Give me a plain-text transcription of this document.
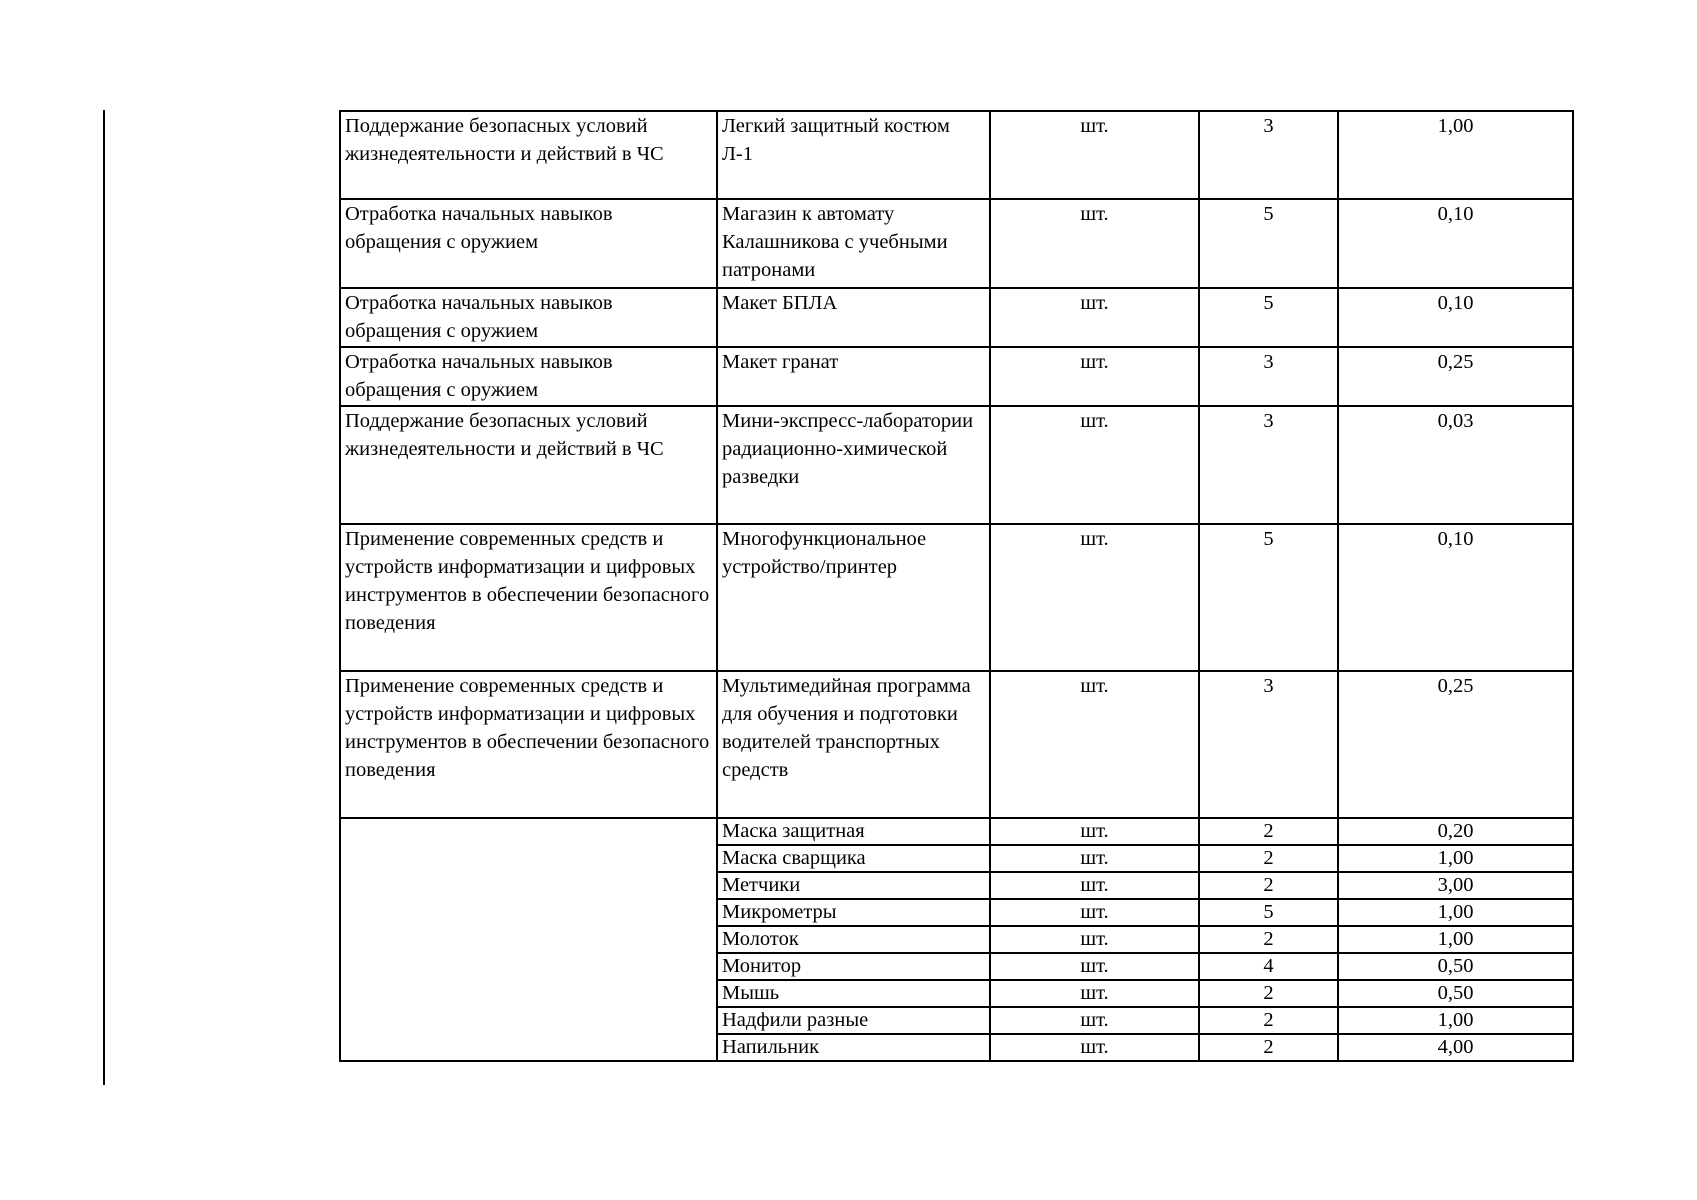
Поддержание безопасных условий жизнедеятельности и действий в ЧС	Легкий защитный костюм Л-1	шт.	3	1,00
Отработка начальных навыков обращения с оружием	Магазин к автомату Калашникова с учебными патронами	шт.	5	0,10
Отработка начальных навыков обращения с оружием	Макет БПЛА	шт.	5	0,10
Отработка начальных навыков обращения с оружием	Макет гранат	шт.	3	0,25
Поддержание безопасных условий жизнедеятельности и действий в ЧС	Мини-экспресс-лаборатории радиационно-химической разведки	шт.	3	0,03
Применение современных средств и устройств информатизации и цифровых инструментов в обеспечении безопасного поведения	Многофункциональное устройство/принтер	шт.	5	0,10
Применение современных средств и устройств информатизации и цифровых инструментов в обеспечении безопасного поведения	Мультимедийная программа для обучения и подготовки водителей транспортных средств	шт.	3	0,25
	Маска защитная	шт.	2	0,20
	Маска сварщика	шт.	2	1,00
	Метчики	шт.	2	3,00
	Микрометры	шт.	5	1,00
	Молоток	шт.	2	1,00
	Монитор	шт.	4	0,50
	Мышь	шт.	2	0,50
	Надфили разные	шт.	2	1,00
	Напильник	шт.	2	4,00
